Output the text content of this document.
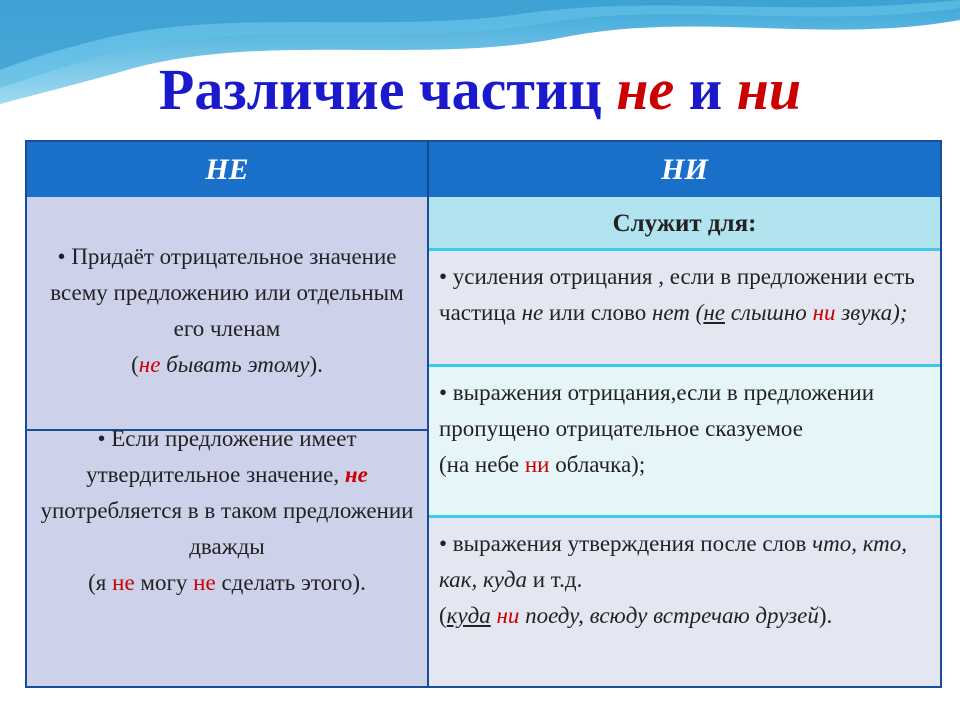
Различие частиц не и ни
НЕ	НИ

• Придаёт отрицательное значение всему предложению или отдельным его членам
(не бывать этому).

• Если предложение имеет утвердительное значение, не употребляется в в таком предложении дважды
(я не могу не сделать этого).

Служит для:

• усиления отрицания , если в предложении есть частица не или слово нет (не слышно ни звука);

• выражения отрицания,если в предложении пропущено отрицательное сказуемое
(на небе ни облачка);

• выражения утверждения после слов что, кто, как, куда и т.д.
(куда ни поеду, всюду встречаю друзей).
